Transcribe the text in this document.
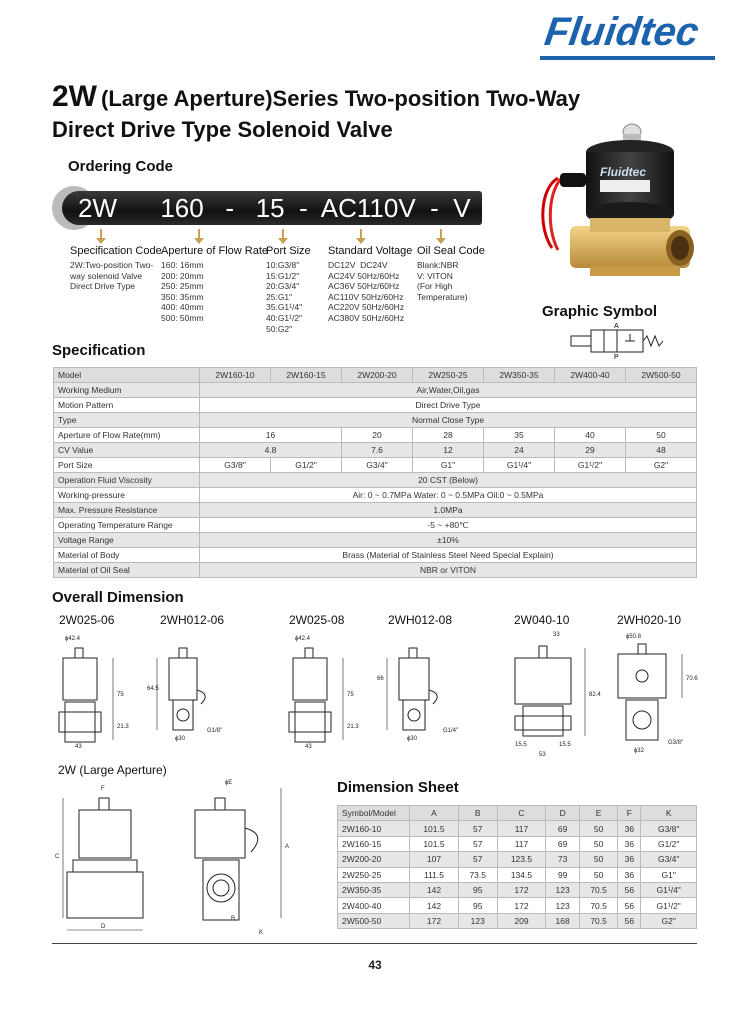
Fluidtec
2W (Large Aperture)Series Two-position Two-Way
Direct Drive Type Solenoid Valve
Ordering Code
2W      160   -   15  -  AC110V  -  V
Specification Code
2W:Two-position Two-
way solenoid Valve
Direct Drive Type
Aperture of Flow Rate
160: 16mm
200: 20mm
250: 25mm
350: 35mm
400: 40mm
500: 50mm
Port Size
10:G3/8"
15:G1/2"
20:G3/4"
25:G1"
35:G1¹/4"
40:G1¹/2"
50:G2"
Standard Voltage
DC12V  DC24V
AC24V 50Hz/60Hz
AC36V 50Hz/60Hz
AC110V 50Hz/60Hz
AC220V 50Hz/60Hz
AC380V 50Hz/60Hz
Oil Seal Code
Blank:NBR
V: VITON
(For High
Temperature)
Fluidtec
Graphic Symbol
A
P
Specification
Model	2W160-10	2W160-15	2W200-20	2W250-25	2W350-35	2W400-40	2W500-50
Working Medium	Air,Water,Oil,gas						
Motion Pattern	Direct Drive Type						
Type	Normal Close Type						
Aperture of Flow Rate(mm)	16		20	28	35	40	50
CV Value	4.8		7.6	12	24	29	48
Port Size	G3/8"	G1/2"	G3/4"	G1"	G1¹/4"	G1¹/2"	G2"
Operation Fluid Viscosity	20 CST (Below)						
Working-pressure	Air: 0 ~ 0.7MPa Water: 0 ~ 0.5MPa Oil:0 ~ 0.5MPa						
Max. Pressure Resistance	1.0MPa						
Operating Temperature Range	-5 ~ +80℃						
Voltage Range	±10%						
Material of Body	Brass (Material of Stainless Steel Need Special Explain)						
Material of Oil Seal	NBR or VITON						
Overall Dimension
2W025-06	2WH012-06	2W025-08	2WH012-08	2W040-10	2WH020-10
ɸ42.4
75
21.3
43
64.5
ɸ30
G1/8"
ɸ42.4
75
21.3
43
66
ɸ30
G1/4"
33
82.4
15.5	15.5
53
ɸ50.8
70.6
ɸ32
G3/8"
2W (Large Aperture)
F
ɸE
C
A
D
B
K
Dimension Sheet
Symbol/Model	A	B	C	D	E	F	K
2W160-10	101.5	57	117	69	50	36	G3/8"
2W160-15	101.5	57	117	69	50	36	G1/2"
2W200-20	107	57	123.5	73	50	36	G3/4"
2W250-25	111.5	73.5	134.5	99	50	36	G1"
2W350-35	142	95	172	123	70.5	56	G1¹/4"
2W400-40	142	95	172	123	70.5	56	G1¹/2"
2W500-50	172	123	209	168	70.5	56	G2"
43
